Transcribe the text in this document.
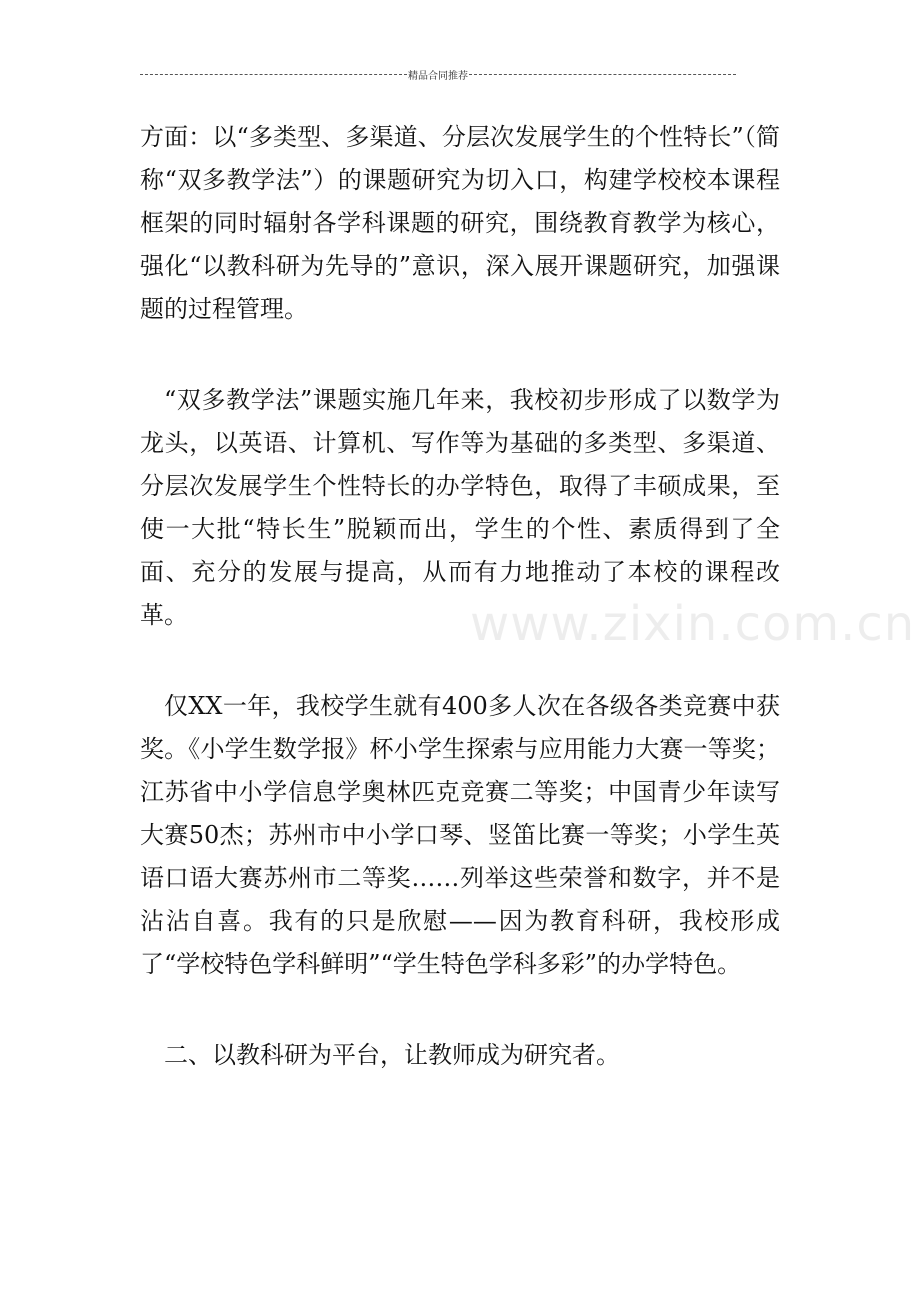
精品合同推荐

方面：以“多类型、多渠道、分层次发展学生的个性特长”（简称“双多教学法”）的课题研究为切入口，构建学校校本课程框架的同时辐射各学科课题的研究，围绕教育教学为核心，强化“以教科研为先导的”意识，深入展开课题研究，加强课题的过程管理。

“双多教学法”课题实施几年来，我校初步形成了以数学为龙头，以英语、计算机、写作等为基础的多类型、多渠道、分层次发展学生个性特长的办学特色，取得了丰硕成果，至使一大批“特长生”脱颖而出，学生的个性、素质得到了全面、充分的发展与提高，从而有力地推动了本校的课程改革。

仅XX一年，我校学生就有400多人次在各级各类竞赛中获奖。《小学生数学报》杯小学生探索与应用能力大赛一等奖；江苏省中小学信息学奥林匹克竞赛二等奖；中国青少年读写大赛50杰；苏州市中小学口琴、竖笛比赛一等奖；小学生英语口语大赛苏州市二等奖……列举这些荣誉和数字，并不是沾沾自喜。我有的只是欣慰——因为教育科研，我校形成了“学校特色学科鲜明”“学生特色学科多彩”的办学特色。

二、以教科研为平台，让教师成为研究者。

www.zixin.com.cn
